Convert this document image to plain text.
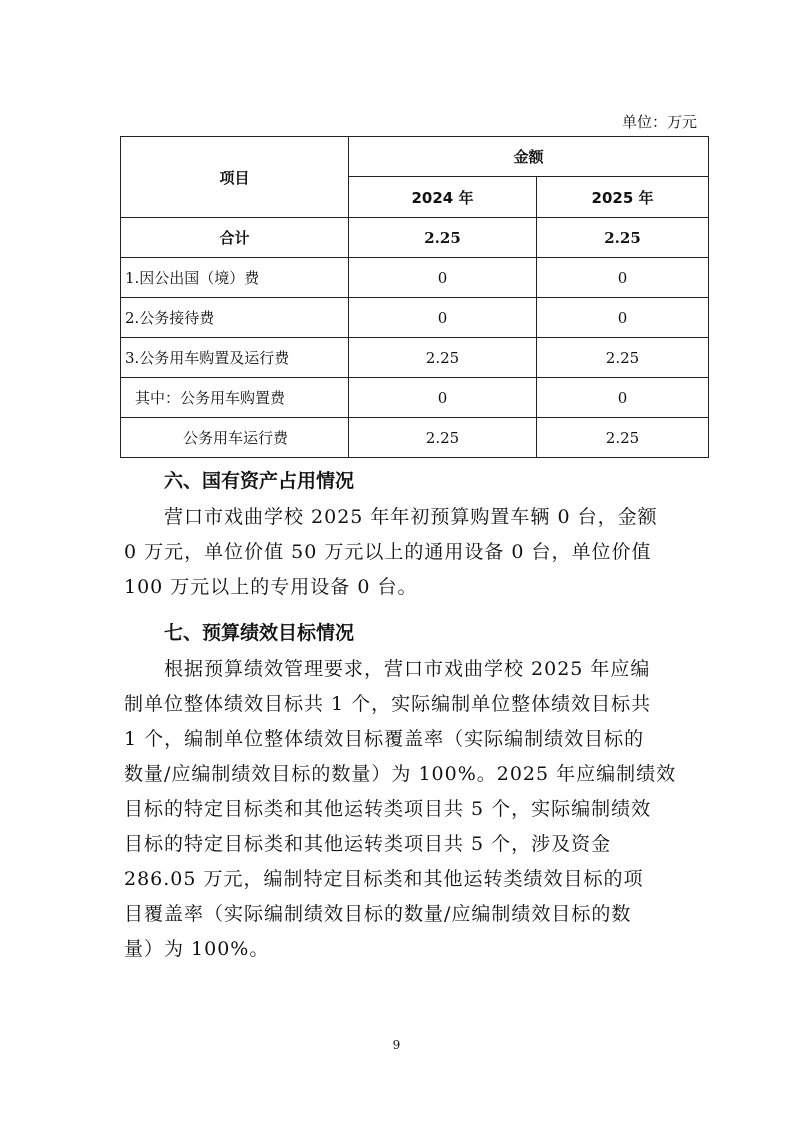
单位：万元
项目	金额	
	2024 年	2025 年
合计	2.25	2.25
1.因公出国（境）费	0	0
2.公务接待费	0	0
3.公务用车购置及运行费	2.25	2.25
其中：公务用车购置费	0	0
公务用车运行费	2.25	2.25
六、国有资产占用情况
营口市戏曲学校 2025 年年初预算购置车辆 0 台，金额
0 万元，单位价值 50 万元以上的通用设备 0 台，单位价值
100 万元以上的专用设备 0 台。
七、预算绩效目标情况
根据预算绩效管理要求，营口市戏曲学校 2025 年应编
制单位整体绩效目标共 1 个，实际编制单位整体绩效目标共
1 个，编制单位整体绩效目标覆盖率（实际编制绩效目标的
数量/应编制绩效目标的数量）为 100%。2025 年应编制绩效
目标的特定目标类和其他运转类项目共 5 个，实际编制绩效
目标的特定目标类和其他运转类项目共 5 个，涉及资金
286.05 万元，编制特定目标类和其他运转类绩效目标的项
目覆盖率（实际编制绩效目标的数量/应编制绩效目标的数
量）为 100%。
9
